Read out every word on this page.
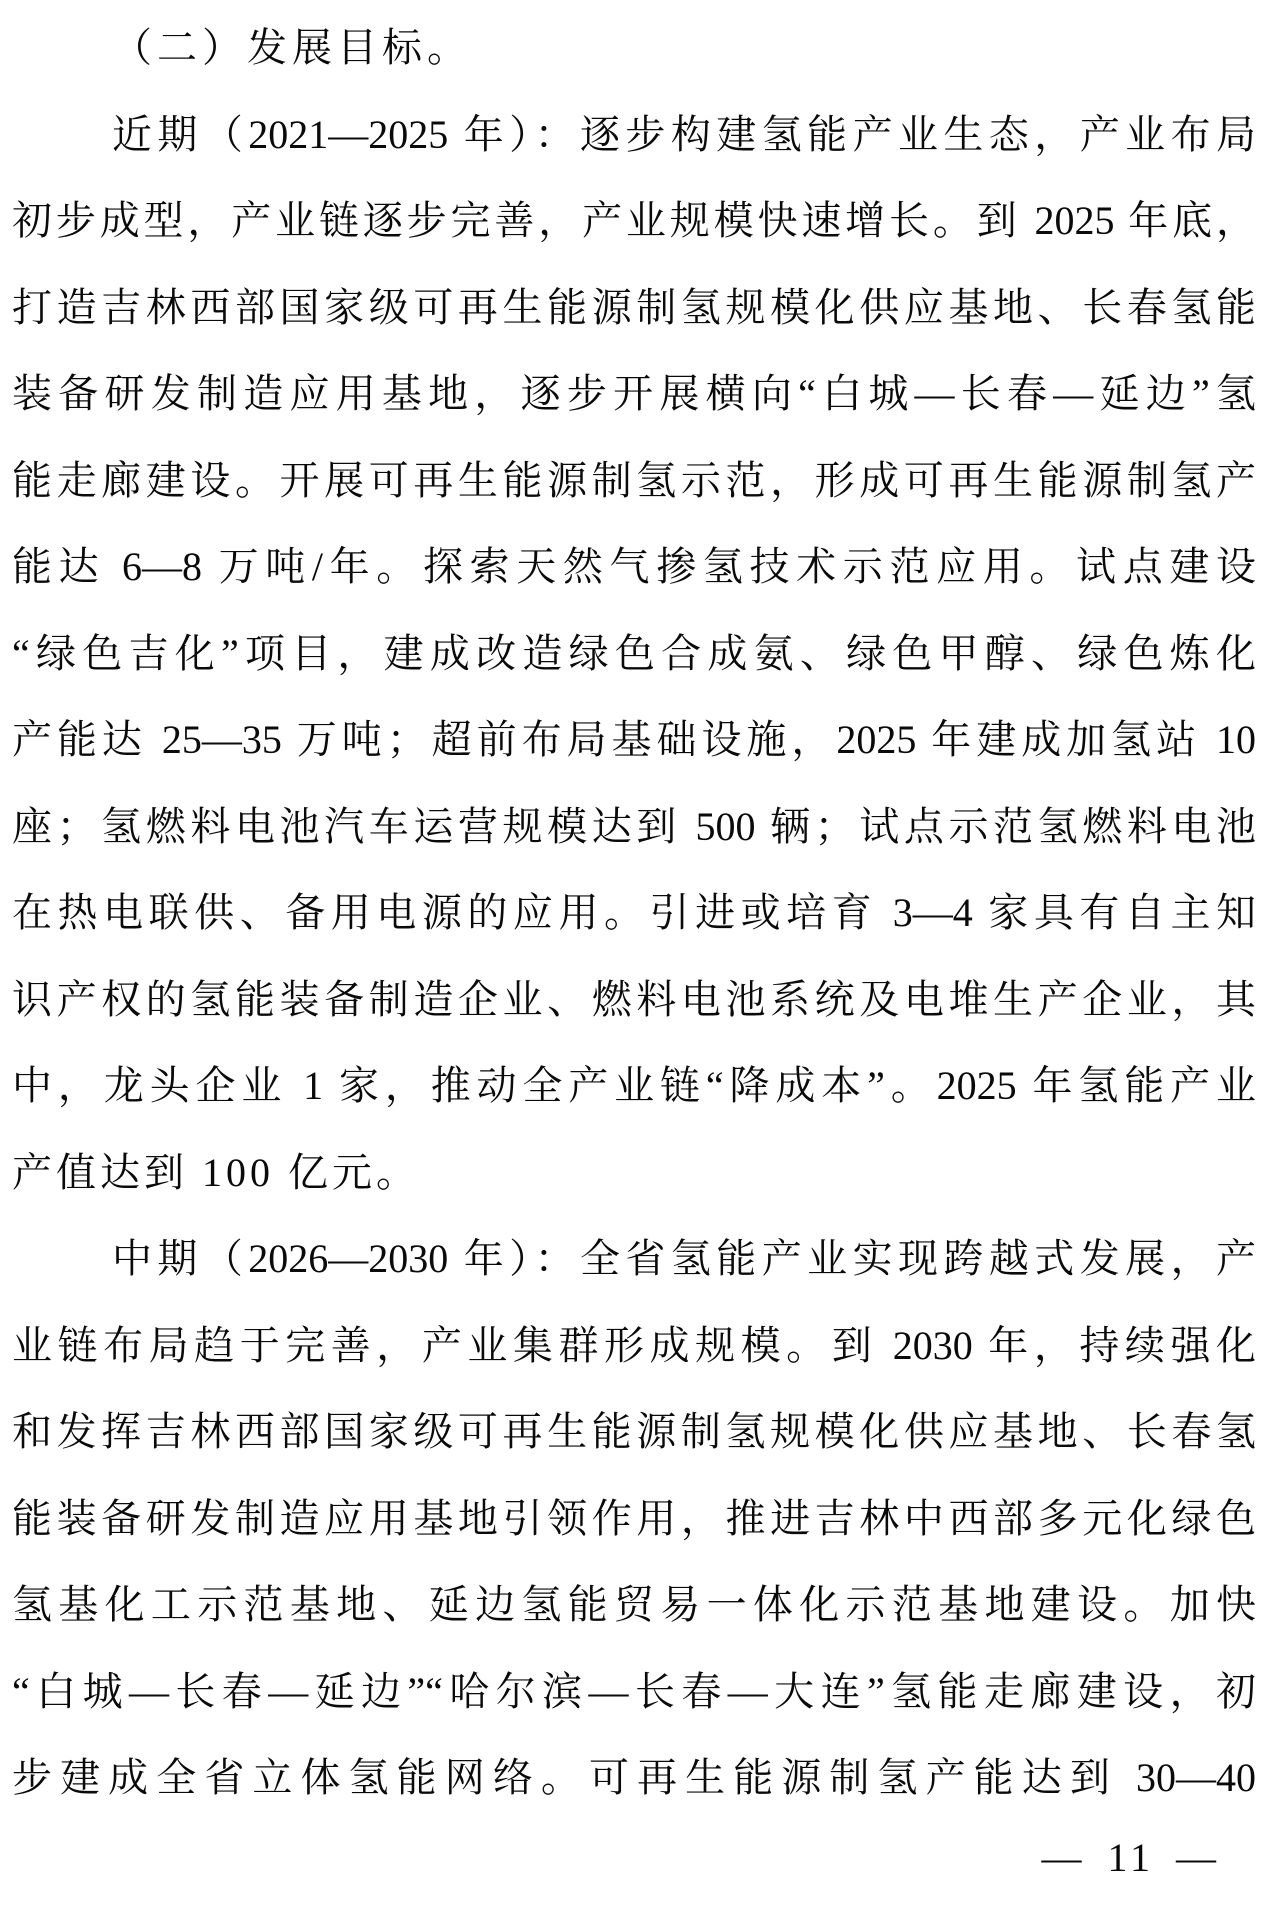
（二）发展目标。
近期（2021—2025 年）：逐步构建氢能产业生态，产业布局
初步成型，产业链逐步完善，产业规模快速增长。到 2025 年底，
打造吉林西部国家级可再生能源制氢规模化供应基地、长春氢能
装备研发制造应用基地，逐步开展横向“白城—长春—延边”氢
能走廊建设。开展可再生能源制氢示范，形成可再生能源制氢产
能达 6—8 万吨/年。探索天然气掺氢技术示范应用。试点建设
“绿色吉化”项目，建成改造绿色合成氨、绿色甲醇、绿色炼化
产能达 25—35 万吨；超前布局基础设施，2025 年建成加氢站 10
座；氢燃料电池汽车运营规模达到 500 辆；试点示范氢燃料电池
在热电联供、备用电源的应用。引进或培育 3—4 家具有自主知
识产权的氢能装备制造企业、燃料电池系统及电堆生产企业，其
中，龙头企业 1 家，推动全产业链“降成本”。2025 年氢能产业
产值达到 100 亿元。
中期（2026—2030 年）：全省氢能产业实现跨越式发展，产
业链布局趋于完善，产业集群形成规模。到 2030 年，持续强化
和发挥吉林西部国家级可再生能源制氢规模化供应基地、长春氢
能装备研发制造应用基地引领作用，推进吉林中西部多元化绿色
氢基化工示范基地、延边氢能贸易一体化示范基地建设。加快
“白城—长春—延边”“哈尔滨—长春—大连”氢能走廊建设，初
步建成全省立体氢能网络。可再生能源制氢产能达到 30—40
— 11 —
